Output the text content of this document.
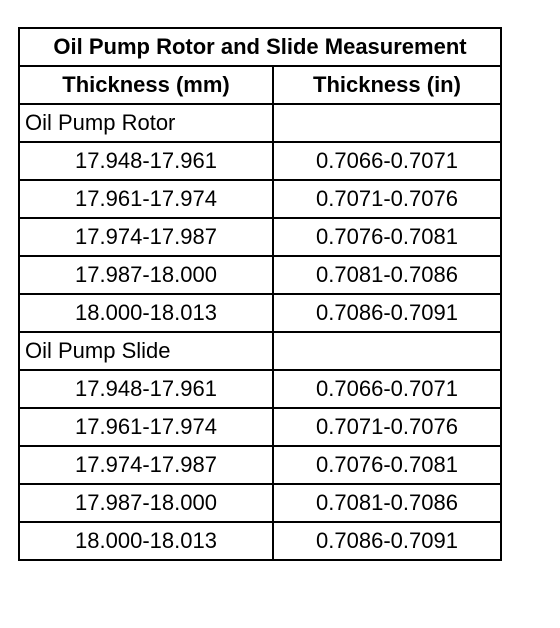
Oil Pump Rotor and Slide Measurement	
Thickness (mm)	Thickness (in)
Oil Pump Rotor	
17.948-17.961	0.7066-0.7071
17.961-17.974	0.7071-0.7076
17.974-17.987	0.7076-0.7081
17.987-18.000	0.7081-0.7086
18.000-18.013	0.7086-0.7091
Oil Pump Slide	
17.948-17.961	0.7066-0.7071
17.961-17.974	0.7071-0.7076
17.974-17.987	0.7076-0.7081
17.987-18.000	0.7081-0.7086
18.000-18.013	0.7086-0.7091
